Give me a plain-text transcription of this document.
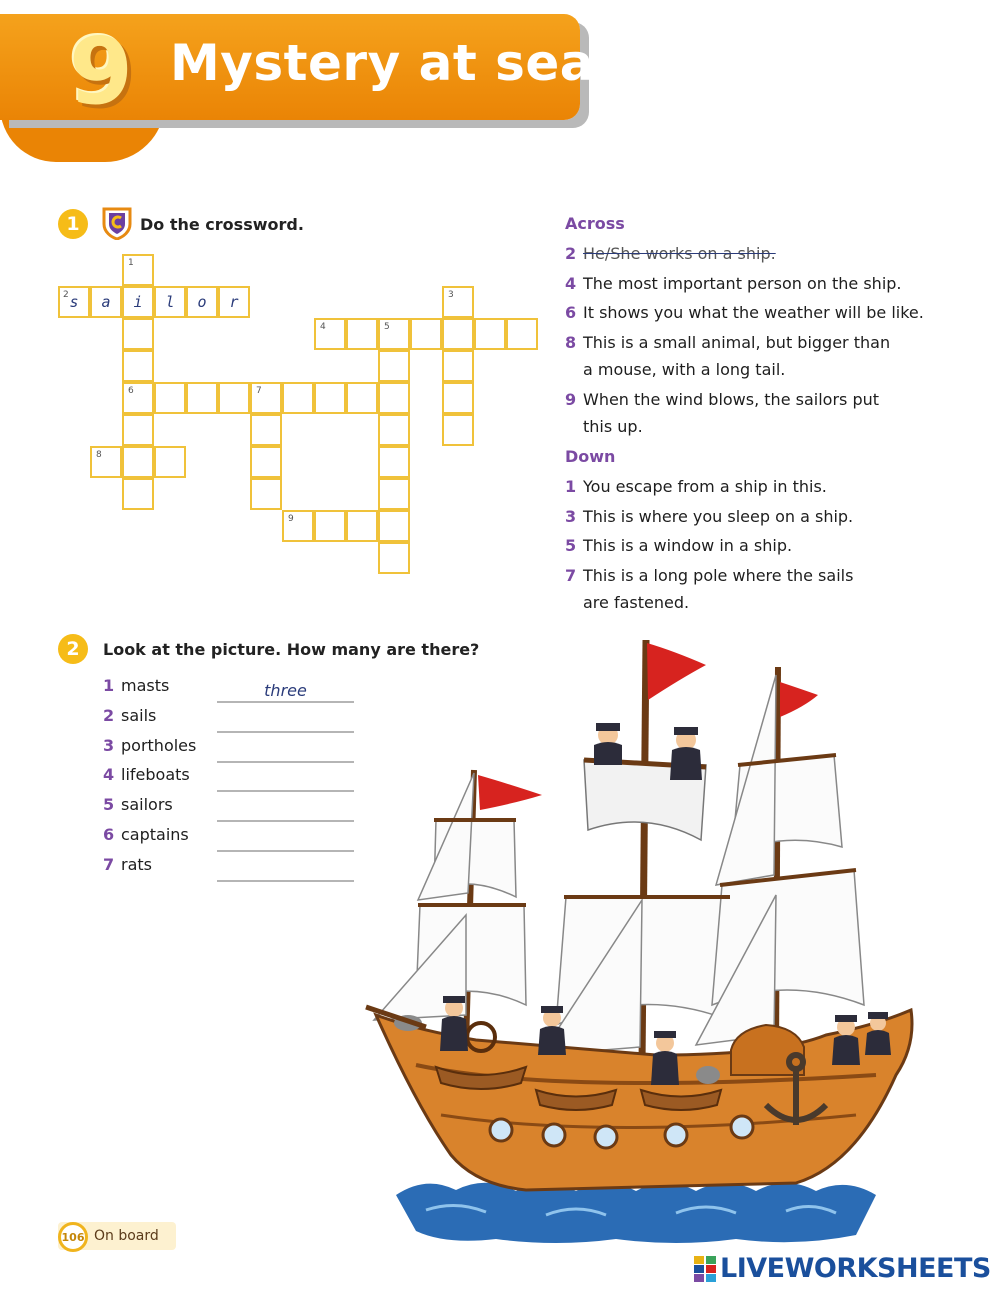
9 Mystery at sea
1	Do the crossword.
1
2 s	a	i	l	o	r	3
4	5
6	7
8
9
Across
2 He/She works on a ship.
4 The most important person on the ship.
6 It shows you what the weather will be like.
8 This is a small animal, but bigger than
a mouse, with a long tail.
9 When the wind blows, the sailors put
this up.
Down
1 You escape from a ship in this.
3 This is where you sleep on a ship.
5 This is a window in a ship.
7 This is a long pole where the sails
are fastened.
2	Look at the picture. How many are there?
1 masts	three
2 sails
3 portholes
4 lifeboats
5 sailors
6 captains
7 rats
106 On board
LIVEWORKSHEETS
